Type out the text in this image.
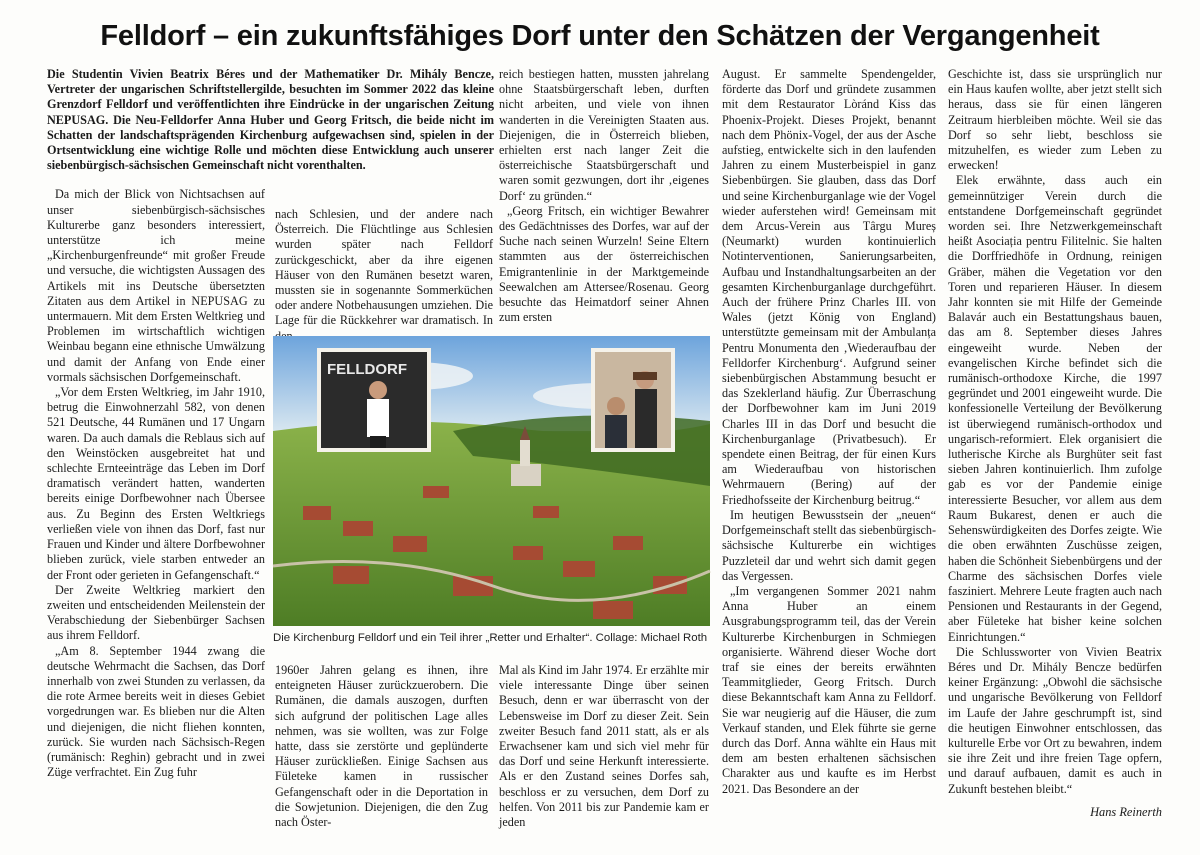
Felldorf – ein zukunftsfähiges Dorf unter den Schätzen der Vergangenheit

Die Studentin Vivien Beatrix Béres und der Mathematiker Dr. Mihály Bencze, Vertreter der ungarischen Schriftstellergilde, besuchten im Sommer 2022 das kleine Grenzdorf Felldorf und veröffentlichten ihre Eindrücke in der ungarischen Zeitung NEPUSAG. Die Neu-Felldorfer Anna Huber und Georg Fritsch, die beide nicht im Schatten der landschaftsprägenden Kirchenburg aufgewachsen sind, spielen in der Ortsentwicklung eine wichtige Rolle und möchten diese Entwicklung auch unserer siebenbürgisch-sächsischen Gemeinschaft nicht vorenthalten.

Da mich der Blick von Nichtsachsen auf unser siebenbürgisch-sächsisches Kulturerbe ganz besonders interessiert, unterstütze ich meine „Kirchenburgenfreunde“ mit großer Freude und versuche, die wichtigsten Aussagen des Artikels mit ins Deutsche übersetzten Zitaten aus dem Artikel in NEPUSAG zu untermauern. Mit dem Ersten Weltkrieg und Problemen im wirtschaftlich wichtigen Weinbau begann eine ethnische Umwälzung und damit der Anfang von Ende einer vormals sächsischen Dorfgemeinschaft.

„Vor dem Ersten Weltkrieg, im Jahr 1910, betrug die Einwohnerzahl 582, von denen 521 Deutsche, 44 Rumänen und 17 Ungarn waren. Da auch damals die Reblaus sich auf den Weinstöcken ausgebreitet hat und schlechte Ernteeinträge das Leben im Dorf dramatisch verändert hatten, wanderten bereits einige Dorfbewohner nach Übersee aus. Zu Beginn des Ersten Weltkriegs verließen viele von ihnen das Dorf, fast nur Frauen und Kinder und ältere Dorfbewohner blieben zurück, viele starben entweder an der Front oder gerieten in Gefangenschaft.“

Der Zweite Weltkrieg markiert den zweiten und entscheidenden Meilenstein der Verabschiedung der Siebenbürger Sachsen aus ihrem Felldorf.

„Am 8. September 1944 zwang die deutsche Wehrmacht die Sachsen, das Dorf innerhalb von zwei Stunden zu verlassen, da die rote Armee bereits weit in dieses Gebiet vorgedrungen war. Es blieben nur die Alten und diejenigen, die nicht fliehen konnten, zurück. Sie wurden nach Sächsisch-Regen (rumänisch: Reghin) gebracht und in zwei Züge verfrachtet. Ein Zug fuhr

nach Schlesien, und der andere nach Österreich. Die Flüchtlinge aus Schlesien wurden später nach Felldorf zurückgeschickt, aber da ihre eigenen Häuser von den Rumänen besetzt waren, mussten sie in sogenannte Sommerküchen oder andere Notbehausungen umziehen. Die Lage für die Rückkehrer war dramatisch. In

reich bestiegen hatten, mussten jahrelang ohne Staatsbürgerschaft leben, durften nicht arbeiten, und viele von ihnen wanderten in die Vereinigten Staaten aus. Diejenigen, die in Österreich blieben, erhielten erst nach langer Zeit die österreichische Staatsbürgerschaft und waren somit gezwungen, dort ihr ‚eigenes Dorf‘ zu gründen.“

„Georg Fritsch, ein wichtiger Bewahrer des Gedächtnisses des Dorfes, war auf der Suche nach seinen Wurzeln! Seine Eltern stammten aus der österreichischen Emigrantenlinie in der Marktgemeinde Seewalchen am Attersee/Rosenau. Georg besuchte das Heimatdorf seiner Ahnen zum ersten

FELLDORF
Die Kirchenburg Felldorf und ein Teil ihrer „Retter und Erhalter“. Collage: Michael Roth

1960er Jahren gelang es ihnen, ihre enteigneten Häuser zurückzuerobern. Die Rumänen, die damals auszogen, durften sich aufgrund der politischen Lage alles nehmen, was sie wollten, was zur Folge hatte, dass sie zerstörte und geplünderte Häuser zurückließen. Einige Sachsen aus Fületeke kamen in russischer Gefangenschaft oder in die Deportation in die Sowjetunion. Diejenigen, die den Zug nach Öster-

Mal als Kind im Jahr 1974. Er erzählte mir viele interessante Dinge über seinen Besuch, denn er war überrascht von der Lebensweise im Dorf zu dieser Zeit. Sein zweiter Besuch fand 2011 statt, als er als Erwachsener kam und sich viel mehr für das Dorf und seine Herkunft interessierte. Als er den Zustand seines Dorfes sah, beschloss er zu versuchen, dem Dorf zu helfen. Von 2011 bis zur Pandemie kam er jeden

August. Er sammelte Spendengelder, förderte das Dorf und gründete zusammen mit dem Restaurator Lòránd Kiss das Phoenix-Projekt. Dieses Projekt, benannt nach dem Phönix-Vogel, der aus der Asche aufstieg, entwickelte sich in den laufenden Jahren zu einem Musterbeispiel in ganz Siebenbürgen. Sie glauben, dass das Dorf und seine Kirchenburganlage wie der Vogel wieder auferstehen wird! Gemeinsam mit dem Arcus-Verein aus Târgu Mureș (Neumarkt) wurden kontinuierlich Notinterventionen, Sanierungsarbeiten, Aufbau und Instandhaltungsarbeiten an der gesamten Kirchenburganlage durchgeführt. Auch der frühere Prinz Charles III. von Wales (jetzt König von England) unterstützte gemeinsam mit der Ambulanța Pentru Monumenta den ‚Wiederaufbau der Felldorfer Kirchenburg‘. Aufgrund seiner siebenbürgischen Abstammung besucht er das Szeklerland häufig. Zur Überraschung der Dorfbewohner kam im Juni 2019 Charles III in das Dorf und besucht die Kirchenburganlage (Privatbesuch). Er spendete einen Beitrag, der für einen Kurs am Wiederaufbau von historischen Wehrmauern (Bering) auf der Friedhofsseite der Kirchenburg beitrug.“

Im heutigen Bewusstsein der „neuen“ Dorfgemeinschaft stellt das siebenbürgisch-sächsische Kulturerbe ein wichtiges Puzzleteil dar und wehrt sich damit gegen das Vergessen.

„Im vergangenen Sommer 2021 nahm Anna Huber an einem Ausgrabungsprogramm teil, das der Verein Kulturerbe Kirchenburgen in Schmiegen organisierte. Während dieser Woche dort traf sie eines der bereits erwähnten Teammitglieder, Georg Fritsch. Durch diese Bekanntschaft kam Anna zu Felldorf. Sie war neugierig auf die Häuser, die zum Verkauf standen, und Elek führte sie gerne durch das Dorf. Anna wählte ein Haus mit dem am besten erhaltenen sächsischen Charakter aus und kaufte es im Herbst 2021. Das Besondere an der

Geschichte ist, dass sie ursprünglich nur ein Haus kaufen wollte, aber jetzt stellt sich heraus, dass sie für einen längeren Zeitraum hierbleiben möchte. Weil sie das Dorf so sehr liebt, beschloss sie mitzuhelfen, es wieder zum Leben zu erwecken!

Elek erwähnte, dass auch ein gemeinnütziger Verein durch die entstandene Dorfgemeinschaft gegründet worden sei. Ihre Netzwerkgemeinschaft heißt Asociația pentru Filitelnic. Sie halten die Dorffriedhöfe in Ordnung, reinigen Gräber, mähen die Vegetation vor den Toren und reparieren Häuser. In diesem Jahr konnten sie mit Hilfe der Gemeinde Balavár auch ein Bestattungshaus bauen, das am 8. September dieses Jahres eingeweiht wurde. Neben der evangelischen Kirche befindet sich die rumänisch-orthodoxe Kirche, die 1997 gegründet und 2001 eingeweiht wurde. Die konfessionelle Verteilung der Bevölkerung ist überwiegend rumänisch-orthodox und ungarisch-reformiert. Elek organisiert die lutherische Kirche als Burghüter seit fast sieben Jahren kontinuierlich. Ihm zufolge gab es vor der Pandemie einige interessierte Besucher, vor allem aus dem Raum Bukarest, denen er auch die Sehenswürdigkeiten des Dorfes zeigte. Wie die oben erwähnten Zuschüsse zeigen, haben die Schönheit Siebenbürgens und der Charme des sächsischen Dorfes viele fasziniert. Mehrere Leute fragten auch nach Pensionen und Restaurants in der Gegend, aber Fületeke hat bisher keine solchen Einrichtungen.“

Die Schlussworter von Vivien Beatrix Béres und Dr. Mihály Bencze bedürfen keiner Ergänzung: „Obwohl die sächsische und ungarische Bevölkerung von Felldorf im Laufe der Jahre geschrumpft ist, sind die heutigen Einwohner entschlossen, das kulturelle Erbe vor Ort zu bewahren, indem sie ihre Zeit und ihre freien Tage opfern, und darauf aufbauen, damit es auch in Zukunft bestehen bleibt.“

Hans Reinerth
